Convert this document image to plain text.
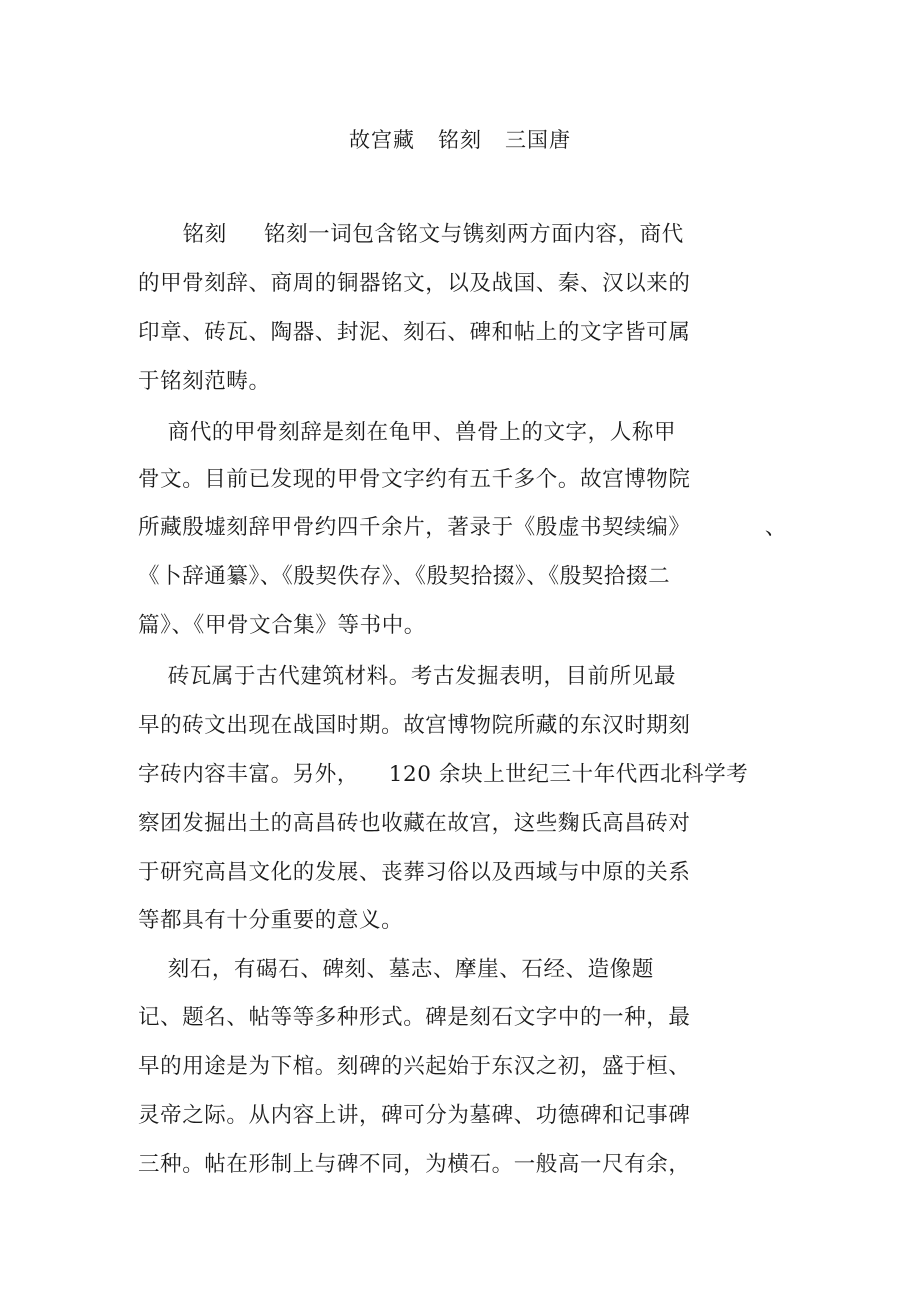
故宫藏   铭刻   三国唐
铭刻     铭刻一词包含铭文与镌刻两方面内容，商代
的甲骨刻辞、商周的铜器铭文，以及战国、秦、汉以来的
印章、砖瓦、陶器、封泥、刻石、碑和帖上的文字皆可属
于铭刻范畴。
商代的甲骨刻辞是刻在龟甲、兽骨上的文字，人称甲
骨文。目前已发现的甲骨文字约有五千多个。故宫博物院
所藏殷墟刻辞甲骨约四千余片，著录于《殷虚书契续编》          、
《卜辞通纂》、《殷契佚存》、《殷契拾掇》、《殷契拾掇二
篇》、《甲骨文合集》等书中。
砖瓦属于古代建筑材料。考古发掘表明，目前所见最
早的砖文出现在战国时期。故宫博物院所藏的东汉时期刻
字砖内容丰富。另外，    120 余块上世纪三十年代西北科学考
察团发掘出土的高昌砖也收藏在故宫，这些麴氏高昌砖对
于研究高昌文化的发展、丧葬习俗以及西域与中原的关系
等都具有十分重要的意义。
刻石，有碣石、碑刻、墓志、摩崖、石经、造像题
记、题名、帖等等多种形式。碑是刻石文字中的一种，最
早的用途是为下棺。刻碑的兴起始于东汉之初，盛于桓、
灵帝之际。从内容上讲，碑可分为墓碑、功德碑和记事碑
三种。帖在形制上与碑不同，为横石。一般高一尺有余，
